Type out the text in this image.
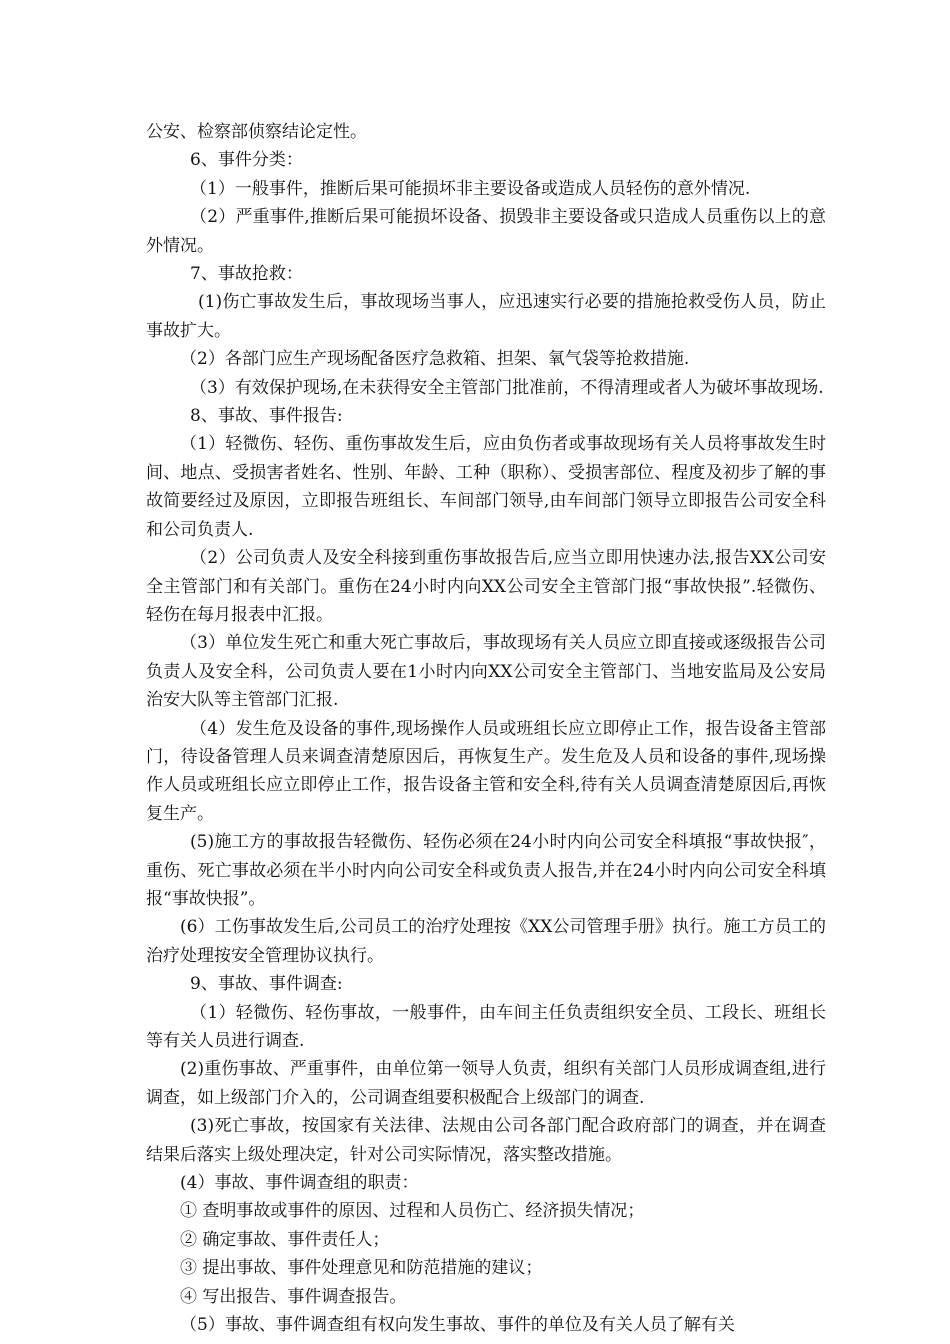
公安、检察部侦察结论定性。

6、事件分类：

（1）一般事件，推断后果可能损坏非主要设备或造成人员轻伤的意外情况.

（2）严重事件,推断后果可能损坏设备、损毁非主要设备或只造成人员重伤以上的意外情况。

7、事故抢救：

(1)伤亡事故发生后，事故现场当事人，应迅速实行必要的措施抢救受伤人员，防止事故扩大。

（2）各部门应生产现场配备医疗急救箱、担架、氧气袋等抢救措施.

（3）有效保护现场,在未获得安全主管部门批准前，不得清理或者人为破坏事故现场.

8、事故、事件报告:

（1）轻微伤、轻伤、重伤事故发生后，应由负伤者或事故现场有关人员将事故发生时间、地点、受损害者姓名、性别、年龄、工种（职称）、受损害部位、程度及初步了解的事故简要经过及原因，立即报告班组长、车间部门领导,由车间部门领导立即报告公司安全科和公司负责人.

（2）公司负责人及安全科接到重伤事故报告后,应当立即用快速办法,报告XX公司安全主管部门和有关部门。重伤在24小时内向XX公司安全主管部门报“事故快报”.轻微伤、轻伤在每月报表中汇报。

（3）单位发生死亡和重大死亡事故后，事故现场有关人员应立即直接或逐级报告公司负责人及安全科，公司负责人要在1小时内向XX公司安全主管部门、当地安监局及公安局治安大队等主管部门汇报.

（4）发生危及设备的事件,现场操作人员或班组长应立即停止工作，报告设备主管部门，待设备管理人员来调查清楚原因后，再恢复生产。发生危及人员和设备的事件,现场操作人员或班组长应立即停止工作，报告设备主管和安全科,待有关人员调查清楚原因后,再恢复生产。

(5)施工方的事故报告轻微伤、轻伤必须在24小时内向公司安全科填报“事故快报″，重伤、死亡事故必须在半小时内向公司安全科或负责人报告,并在24小时内向公司安全科填报“事故快报”。

(6）工伤事故发生后,公司员工的治疗处理按《XX公司管理手册》执行。施工方员工的治疗处理按安全管理协议执行。

9、事故、事件调查:

（1）轻微伤、轻伤事故，一般事件，由车间主任负责组织安全员、工段长、班组长等有关人员进行调查.

(2)重伤事故、严重事件，由单位第一领导人负责，组织有关部门人员形成调查组,进行调查，如上级部门介入的，公司调查组要积极配合上级部门的调查.

(3)死亡事故，按国家有关法律、法规由公司各部门配合政府部门的调查，并在调查结果后落实上级处理决定，针对公司实际情况，落实整改措施。

(4）事故、事件调查组的职责：

① 查明事故或事件的原因、过程和人员伤亡、经济损失情况；

② 确定事故、事件责任人；

③ 提出事故、事件处理意见和防范措施的建议；

④ 写出报告、事件调查报告。

（5）事故、事件调查组有权向发生事故、事件的单位及有关人员了解有关
